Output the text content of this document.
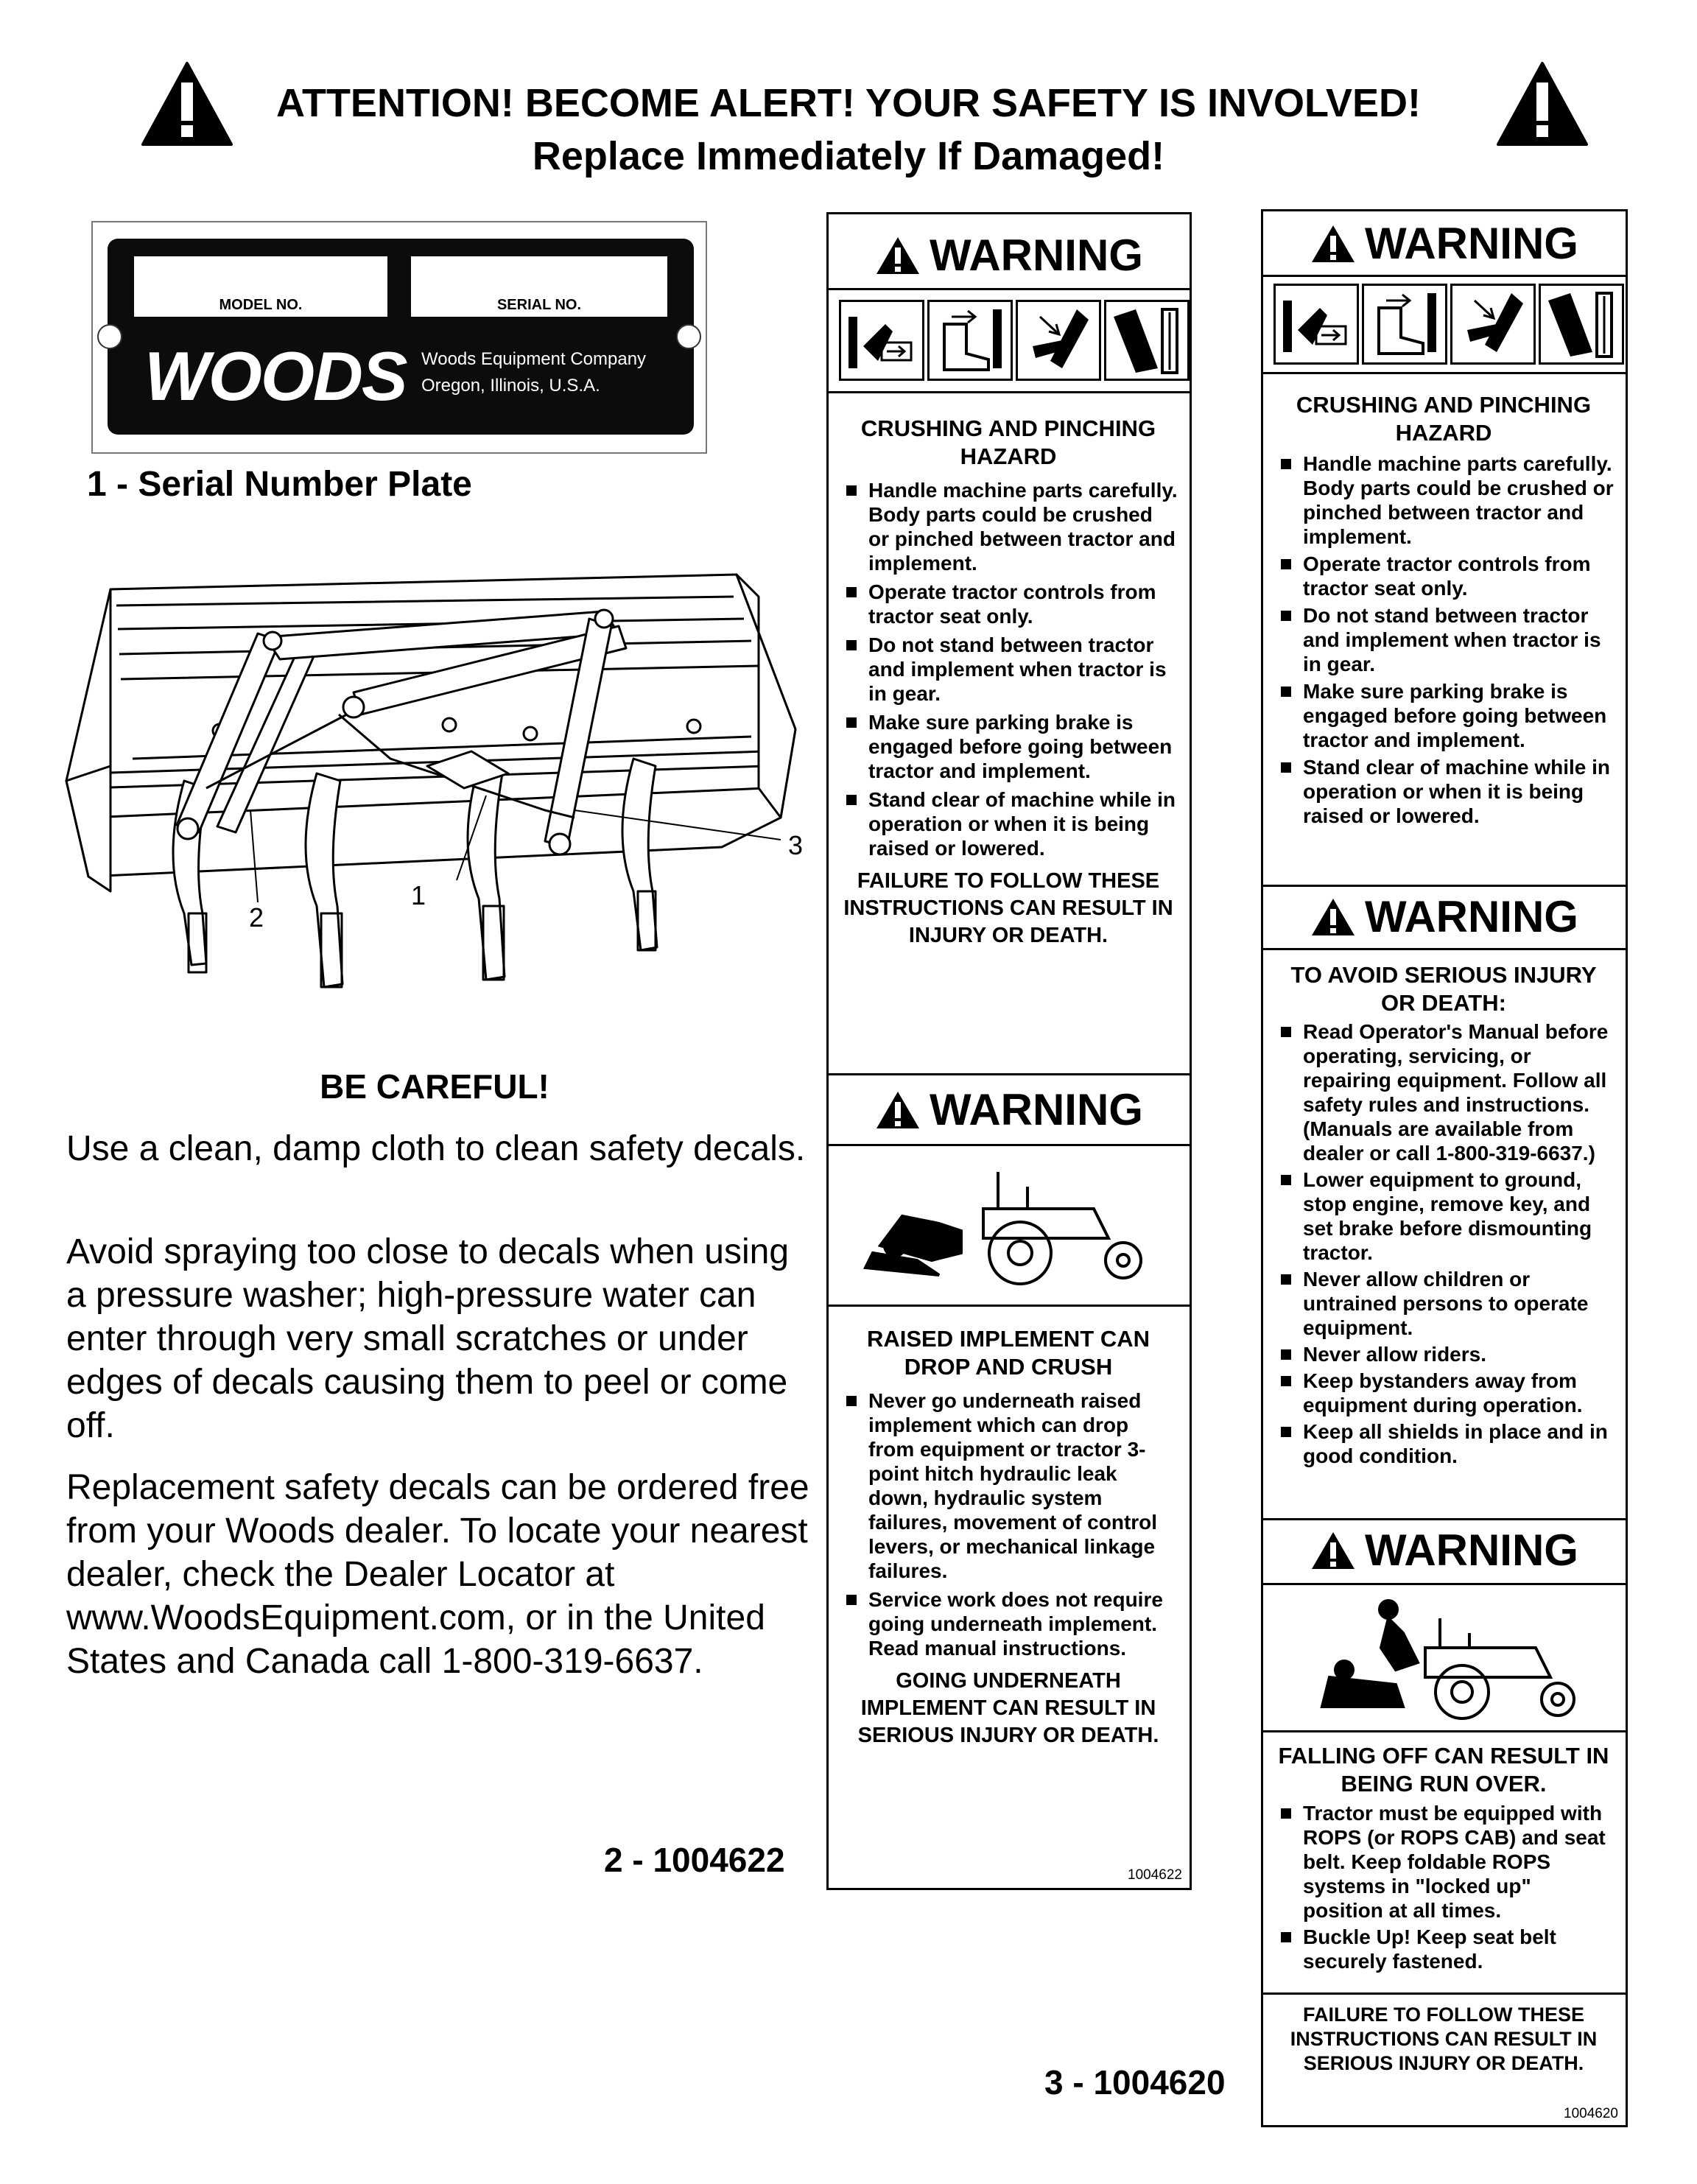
ATTENTION! BECOME ALERT! YOUR SAFETY IS INVOLVED!
Replace Immediately If Damaged!
MODEL NO.	SERIAL NO.
WOODS Woods Equipment Company
Oregon, Illinois, U.S.A.
1 - Serial Number Plate
2
1
3
BE CAREFUL!
Use a clean, damp cloth to clean safety decals.
Avoid spraying too close to decals when using a pressure washer; high-pressure water can enter through very small scratches or under edges of decals causing them to peel or come off.
Replacement safety decals can be ordered free from your Woods dealer. To locate your nearest dealer, check the Dealer Locator at www.WoodsEquipment.com, or in the United States and Canada call 1-800-319-6637.
2 - 1004622
WARNING
CRUSHING AND PINCHING HAZARD
Handle machine parts carefully. Body parts could be crushed or pinched between tractor and implement.
Operate tractor controls from tractor seat only.
Do not stand between tractor and implement when tractor is in gear.
Make sure parking brake is engaged before going between tractor and implement.
Stand clear of machine while in operation or when it is being raised or lowered.
FAILURE TO FOLLOW THESE INSTRUCTIONS CAN RESULT IN INJURY OR DEATH.
WARNING
RAISED IMPLEMENT CAN DROP AND CRUSH
Never go underneath raised implement which can drop from equipment or tractor 3-point hitch hydraulic leak down, hydraulic system failures, movement of control levers, or mechanical linkage failures.
Service work does not require going underneath implement. Read manual instructions.
GOING UNDERNEATH IMPLEMENT CAN RESULT IN SERIOUS INJURY OR DEATH.
1004622
WARNING
CRUSHING AND PINCHING HAZARD
Handle machine parts carefully. Body parts could be crushed or pinched between tractor and implement.
Operate tractor controls from tractor seat only.
Do not stand between tractor and implement when tractor is in gear.
Make sure parking brake is engaged before going between tractor and implement.
Stand clear of machine while in operation or when it is being raised or lowered.
WARNING
TO AVOID SERIOUS INJURY OR DEATH:
Read Operator's Manual before operating, servicing, or repairing equipment. Follow all safety rules and instructions. (Manuals are available from dealer or call 1-800-319-6637.)
Lower equipment to ground, stop engine, remove key, and set brake before dismounting tractor.
Never allow children or untrained persons to operate equipment.
Never allow riders.
Keep bystanders away from equipment during operation.
Keep all shields in place and in good condition.
WARNING
FALLING OFF CAN RESULT IN BEING RUN OVER.
Tractor must be equipped with ROPS (or ROPS CAB) and seat belt. Keep foldable ROPS systems in "locked up" position at all times.
Buckle Up! Keep seat belt securely fastened.
FAILURE TO FOLLOW THESE INSTRUCTIONS CAN RESULT IN SERIOUS INJURY OR DEATH.
1004620
3 - 1004620
